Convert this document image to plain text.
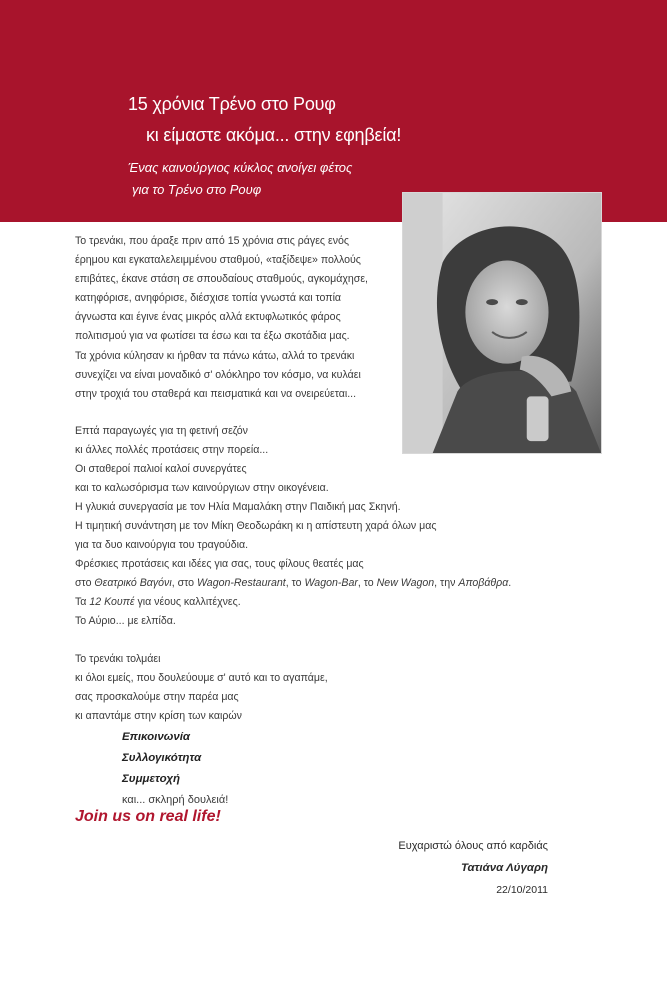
15 χρόνια Τρένο στο Ρουφ
κι είμαστε ακόμα... στην εφηβεία!
Ένας καινούργιος κύκλος ανοίγει φέτος
για το Τρένο στο Ρουφ
Το τρενάκι, που άραξε πριν από 15 χρόνια στις ράγες ενός
έρημου και εγκαταλελειμμένου σταθμού, «ταξίδεψε» πολλούς
επιβάτες, έκανε στάση σε σπουδαίους σταθμούς, αγκομάχησε,
κατηφόρισε, ανηφόρισε, διέσχισε τοπία γνωστά και τοπία
άγνωστα και έγινε ένας μικρός αλλά εκτυφλωτικός φάρος
πολιτισμού για να φωτίσει τα έσω και τα έξω σκοτάδια μας.
Τα χρόνια κύλησαν κι ήρθαν τα πάνω κάτω, αλλά το τρενάκι
συνεχίζει να είναι μοναδικό σ' ολόκληρο τον κόσμο, να κυλάει
στην τροχιά του σταθερά και πεισματικά και να ονειρεύεται...
Επτά παραγωγές για τη φετινή σεζόν
κι άλλες πολλές προτάσεις στην πορεία...
Οι σταθεροί παλιοί καλοί συνεργάτες
και το καλωσόρισμα των καινούργιων στην οικογένεια.
Η γλυκιά συνεργασία με τον Ηλία Μαμαλάκη στην Παιδική μας Σκηνή.
Η τιμητική συνάντηση με τον Μίκη Θεοδωράκη κι η απίστευτη χαρά όλων μας
για τα δυο καινούργια του τραγούδια.
Φρέσκιες προτάσεις και ιδέες για σας, τους φίλους θεατές μας
στο Θεατρικό Βαγόνι, στο Wagon-Restaurant, το Wagon-Bar, το New Wagon, την Αποβάθρα.
Τα 12 Κουπέ για νέους καλλιτέχνες.
Το Αύριο... με ελπίδα.
Το τρενάκι τολμάει
κι όλοι εμείς, που δουλεύουμε σ' αυτό και το αγαπάμε,
σας προσκαλούμε στην παρέα μας
κι απαντάμε στην κρίση των καιρών
Επικοινωνία
Συλλογικότητα
Συμμετοχή
και... σκληρή δουλειά!
Join us on real life!
Ευχαριστώ όλους από καρδιάς
Τατιάνα Λύγαρη
22/10/2011
